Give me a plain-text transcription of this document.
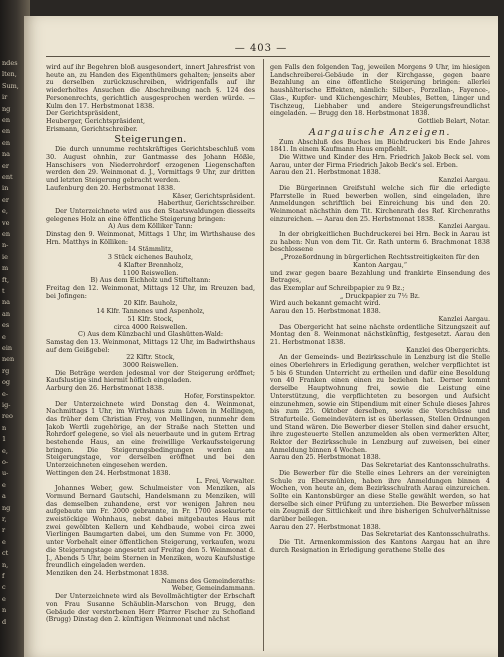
ndes
lten,
Sum,
ir
ng
en
en
en
na
er
ent
in
er
e,
ve
en
n-
ie
m
ft,
t
na
an
es
e
ein
nen
rg
og
e-
ig-
reo
n
1
e,
o-
u-
e
a
ng
r,
r
e
ct
n,
f
c
e
n
d
— 403 —

wird auf ihr Begehren bloß ausgesondert, innert Jahresfrist von heute an, zu Handen des Eigenthümers gehalten; jenseits aber zu derselben zurückzuschreiben, widrigenfalls auf ihr wiederholtes Ansuchen die Abschreibung nach §. 124 des Personenrechts, gerichtlich ausgesprochen werden würde. — Kulm den 17. Herbstmonat 1838.

Der Gerichtspräsident,

Heuberger, Gerichtspräsident,

Erismann, Gerichtschreiber.

Steigerungen.

Die durch unnumme rechtskräftiges Gerichtsbeschluß vom 30. August ohnhin, zur Gantmasse des Johann Hößle, Hanschisers von Niederrohrdorf erzogenen Liegenschaften werden den 29. Weinmonat d. J., Vormittags 9 Uhr, zur dritten und letzten Steigerung gebracht werden.

Laufenburg den 20. Herbstmonat 1838.

Käser, Gerichtspräsident.

Haberthur, Gerichtsschreiber.

Der Unterzeichnete wird aus den Staatswaldungen diesseits gelegenes Holz an eine öffentliche Steigerung bringen:

A) Aus dem Kölliker Tann:

Dinstag den 9. Weinmonat, Mittags 1 Uhr, im Wirthshause des Hrn. Matthys in Kölliken:

14 Stämmlitz,

3 Stück eichenes Bauholz,

4 Klafter Brennholz,

1100 Reiswellen.

B) Aus dem Eichholz und Stifteltann:

Freitag den 12. Weinmonat, Mittags 12 Uhr, im Rreuzen bad, bei Jofingen:

20 Klfr. Bauholz,

14 Klfr. Tannenes und Aspenholz,

51 Klfr. Stock,

circa 4000 Reiswellen.

C) Aus dem Künzbachl und Glashütten-Wald:

Samstag den 13. Weinmonat, Mittags 12 Uhr, im Badwirthshaus auf dem Geißgebel:

22 Klftr. Stock,

3000 Reiswellen.

Die Beträge werden jedesmal vor der Steigerung eröffnet; Kaufslustige sind hiermit höflich eingeladen.

Aarburg den 26. Herbstmonat 1838.

Hofer, Forstinspektor.

Der Unterzeichnete wird Donstag den 4. Weinmonat, Nachmittags 1 Uhr, im Wirthshaus zum Löwen in Mellingen, das früher dem Christian Frey, von Mellingen, nunmehr dem Jakob Wertli zugehörige, an der Straße nach Stetten und Rohrdorf gelegene, so viel als neuerbaute und in gutem Ertrag bestehende Haus, an eine freiwillige Verkaufssteigerung bringen. Die Steigerungsbedingungen werden am Steigerungstage, vor derselben eröffnet und bei den Unterzeichneten eingesehen werden.

Wettingen den 24. Herbstmonat 1838.

L. Frei, Verwalter.

Johannes Weber, gew. Schulmeister von Menziken, als Vormund Bernard Gautschi, Handelsmann zu Menziken, will das demselben zuhandene, erst vor wenigen Jahren neu aufgebaute um Fr. 2000 gebrannte, in Fr. 1700 assekurierte zweistöckige Wohnhaus, nebst dabei mitgebautes Haus mit zwei gewölbten Kellern und Kehdbaude, wobei circa zwei Vierlingen Baumgarten dabei, um den Summe von Fr. 3000, unter Vorbehalt einer öffentlichen Steigerung, verkaufen, wozu die Steigerungstage angesetzt auf Freitag den 5. Weinmonat d. J., Abends 5 Uhr, beim Sternen in Menziken, wozu Kaufslustige freundlich eingeladen werden.

Menziken den 24. Herbstmonat 1838.

Namens des Gemeinderaths:

Weber, Gemeindammann.

Der Unterzeichnete wird als Bevollmächtigter der Erbschaft von Frau Susanne Schäublin-Marschon von Brugg, den Gebäude der verstorbenen Herr Pfarrer Fischer zu Schofland (Brugg) Dinstag den 2. künftigen Weinmonat und nächst

gen Falls den folgenden Tag, jeweilen Morgens 9 Uhr, im hiesigen Landschreiberei-Gebäude in der Kirchgasse, gegen baare Bezahlung an eine öffentliche Steigerung bringen: allerlei haushälterische Effekten, nämlich: Silber-, Porzellan-, Fayence-, Glas-, Kupfer- und Küchengeschirr, Meubles, Betten, Linger und Tischzeug, Liebhaber und andere Steigerungsfreundlichst eingeladen. — Brugg den 18. Herbstmonat 1838.

Gottlieb Belart, Notar.

Aargauische Anzeigen.

Zum Abschluß des Buches im Büchdruckeri bis Ende Jahres 1841. In einem Kaufmann Haus empfiehlt.

Die Wittwe und Kinder des Hrn. Friedrich Jakob Beck sel. vom Aarau, unter der Firma Friedrich Jakob Beck's sel. Erben.

Aarau den 21. Herbstmonat 1838.

Kanzlei Aargau.

Die Bürgerinnen Greifstuhl welche sich für die erledigte Pfarrstelle in Rued bewerben wollen, sind eingeladen, ihre Anmeldungen schriftlich bei Einreichung bis und den 20. Weinmonat nächsthin dem Tit. Kirchenrath des Ref. Kirchenraths einzureichen. — Aarau den 25. Herbstmonat 1838.

Kanzlei Aargau.

In der obrigkeitlichen Buchdruckerei bei Hrn. Beck in Aarau ist zu haben: Nun von dem Tit. Gr. Rath unterm 6. Brachmonat 1838 beschlossene

„Prozeßordnung in bürgerlichen Rechtsstreitigkeiten für den Kanton Aargau,“

und zwar gegen baare Bezahlung und frankirte Einsendung des Betrages,

das Exemplar auf Schreibpapier zu 9 Bz.;

„ Druckpapier zu 7½ Bz.

Wird auch bekannt gemacht wird.

Aarau den 15. Herbstmonat 1838.

Kanzlei Aargau.

Das Obergericht hat seine nächste ordentliche Sitzungszeit auf Montag den 8. Weinmonat nächstkünftig, festgesetzt. Aarau den 21. Herbstmonat 1838.

Kanzlei des Obergerichts.

An der Gemeinds- und Bezirksschule in Lenzburg ist die Stelle eines Oberlehrers in Erledigung gerathen, welcher verpflichtet ist 5 bis 6 Stunden Unterricht zu ertheilen und dafür eine Besoldung von 40 Franken einen einen zu beziehen hat. Derner kommt derselbe Hauptwohnung frei, sowie die Leistung eine Unterstützung, die verpflichteten zu besorgen und Aufsicht einzunehmen, sowie ein Stipendium mit einer Schule dieses Jahres bis zum 25. Oktober derselben, sowie die Vorschüsse und Strafurteile. Gemeindevätern ist es überlassen, Stellen Ordnungen und Stand wären. Die Bewerber dieser Stellen sind daher ersucht, ihre zugesteuerte Stellen anzumelden als oben vermerkten Alter, Rektor der Bezirksschule in Lenzburg auf zuweisen, bei einer Anmeldung binnen 4 Wochen.

Aarau den 25. Herbstmonat 1838.

Das Sekretariat des Kantonsschulraths.

Die Bewerber für die Stelle eines Lehrers an der vereinigten Schule zu Ebersmühlen, haben ihre Anmeldungen binnen 4 Wochen, von heute an, dem Bezirksschulrath Aarau einzureichen. Sollte ein Kantonsbürger an diese Stelle gewählt werden, so hat derselbe sich einer Prüfung zu unterziehen. Die Bewerber müssen ein Zeugniß der Sittlichkeit und ihre bisherigen Schulverhältnisse darüber beilegen.

Aarau den 27. Herbstmonat 1838.

Das Sekretariat des Kantonsschulraths.

Die Tit. Armenkommission des Kantons Aargau hat an ihre durch Resignation in Erledigung gerathene Stelle des
